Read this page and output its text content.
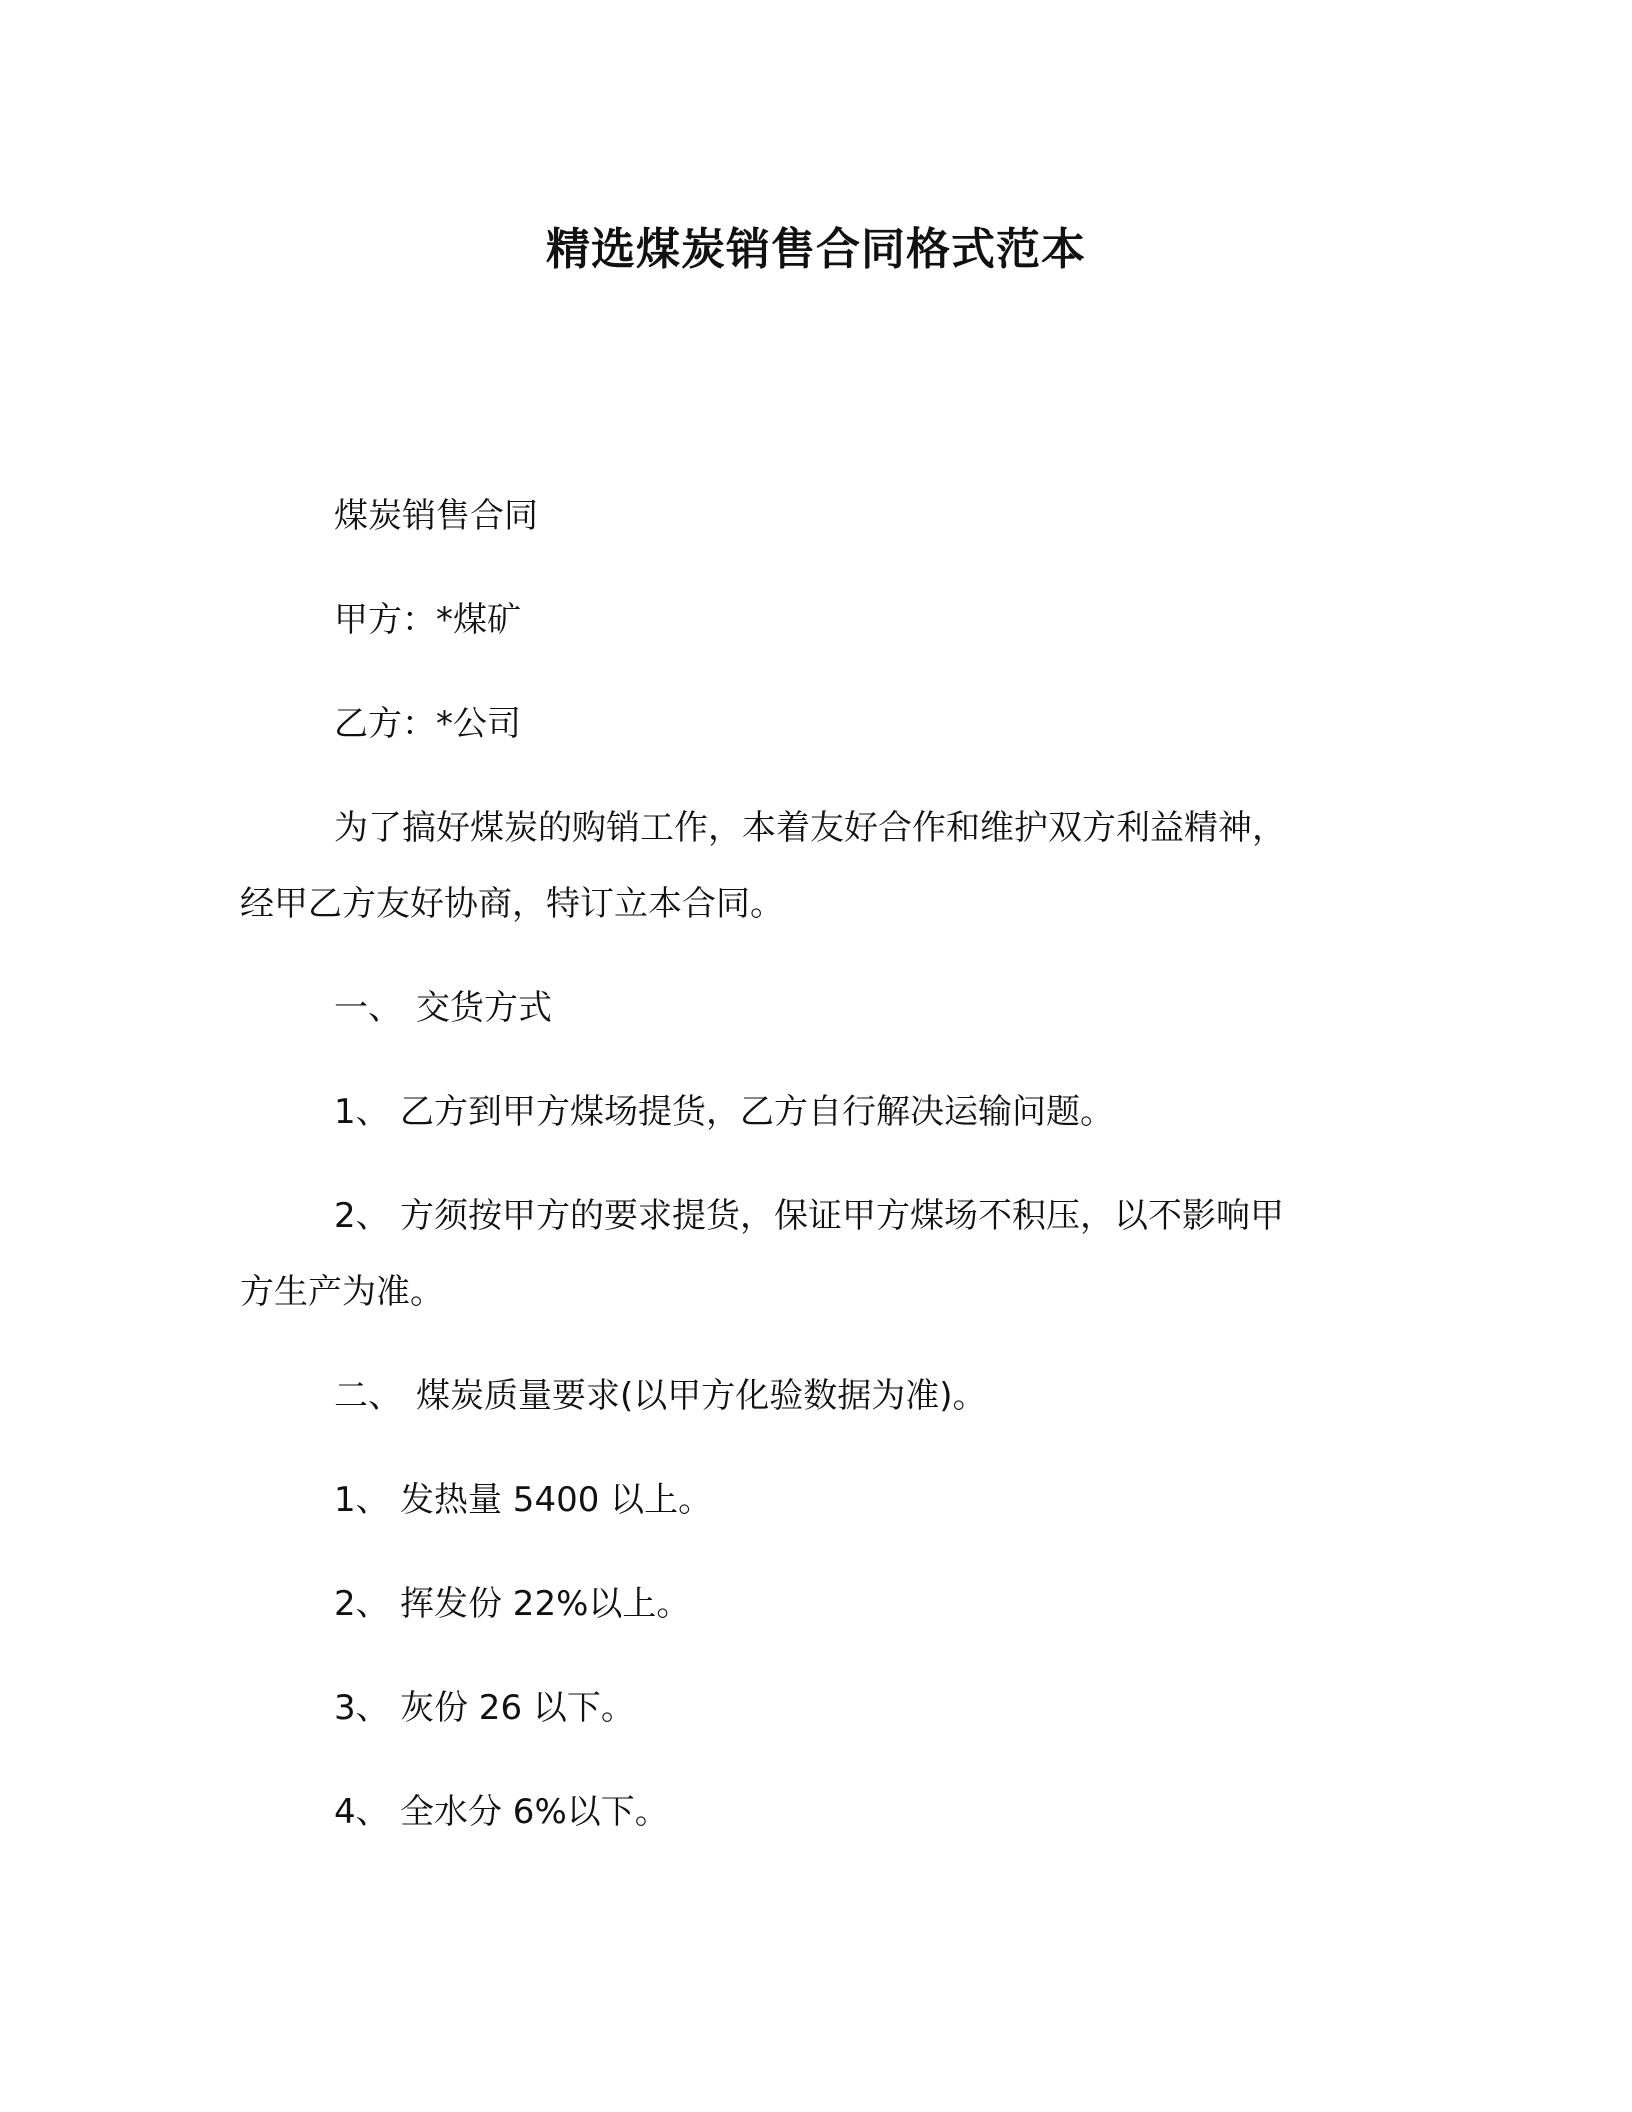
精选煤炭销售合同格式范本
煤炭销售合同
甲方：*煤矿
乙方：*公司
为了搞好煤炭的购销工作，本着友好合作和维护双方利益精神，
经甲乙方友好协商，特订立本合同。
一、 交货方式
1、 乙方到甲方煤场提货，乙方自行解决运输问题。
2、 方须按甲方的要求提货，保证甲方煤场不积压，以不影响甲
方生产为准。
二、 煤炭质量要求(以甲方化验数据为准)。
1、 发热量 5400 以上。
2、 挥发份 22%以上。
3、 灰份 26 以下。
4、 全水分 6%以下。
